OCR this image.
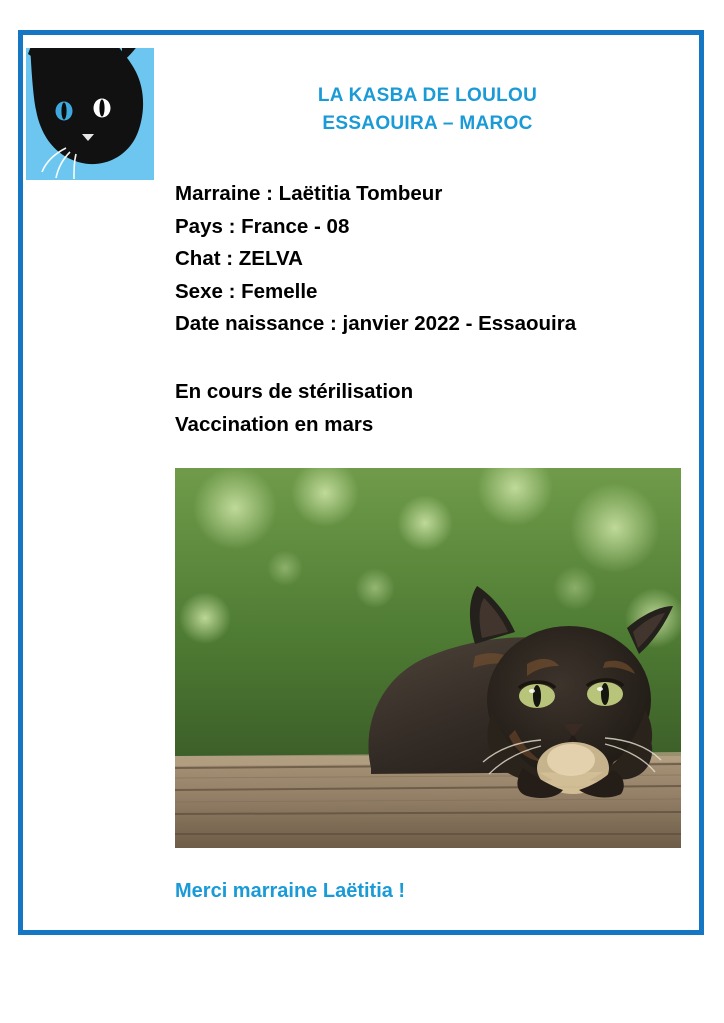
LA KASBA DE LOULOU
ESSAOUIRA – MAROC
Marraine : Laëtitia Tombeur
Pays : France - 08
Chat : ZELVA
Sexe : Femelle
Date naissance : janvier 2022 - Essaouira
En cours de stérilisation
Vaccination en mars
Merci marraine Laëtitia !
